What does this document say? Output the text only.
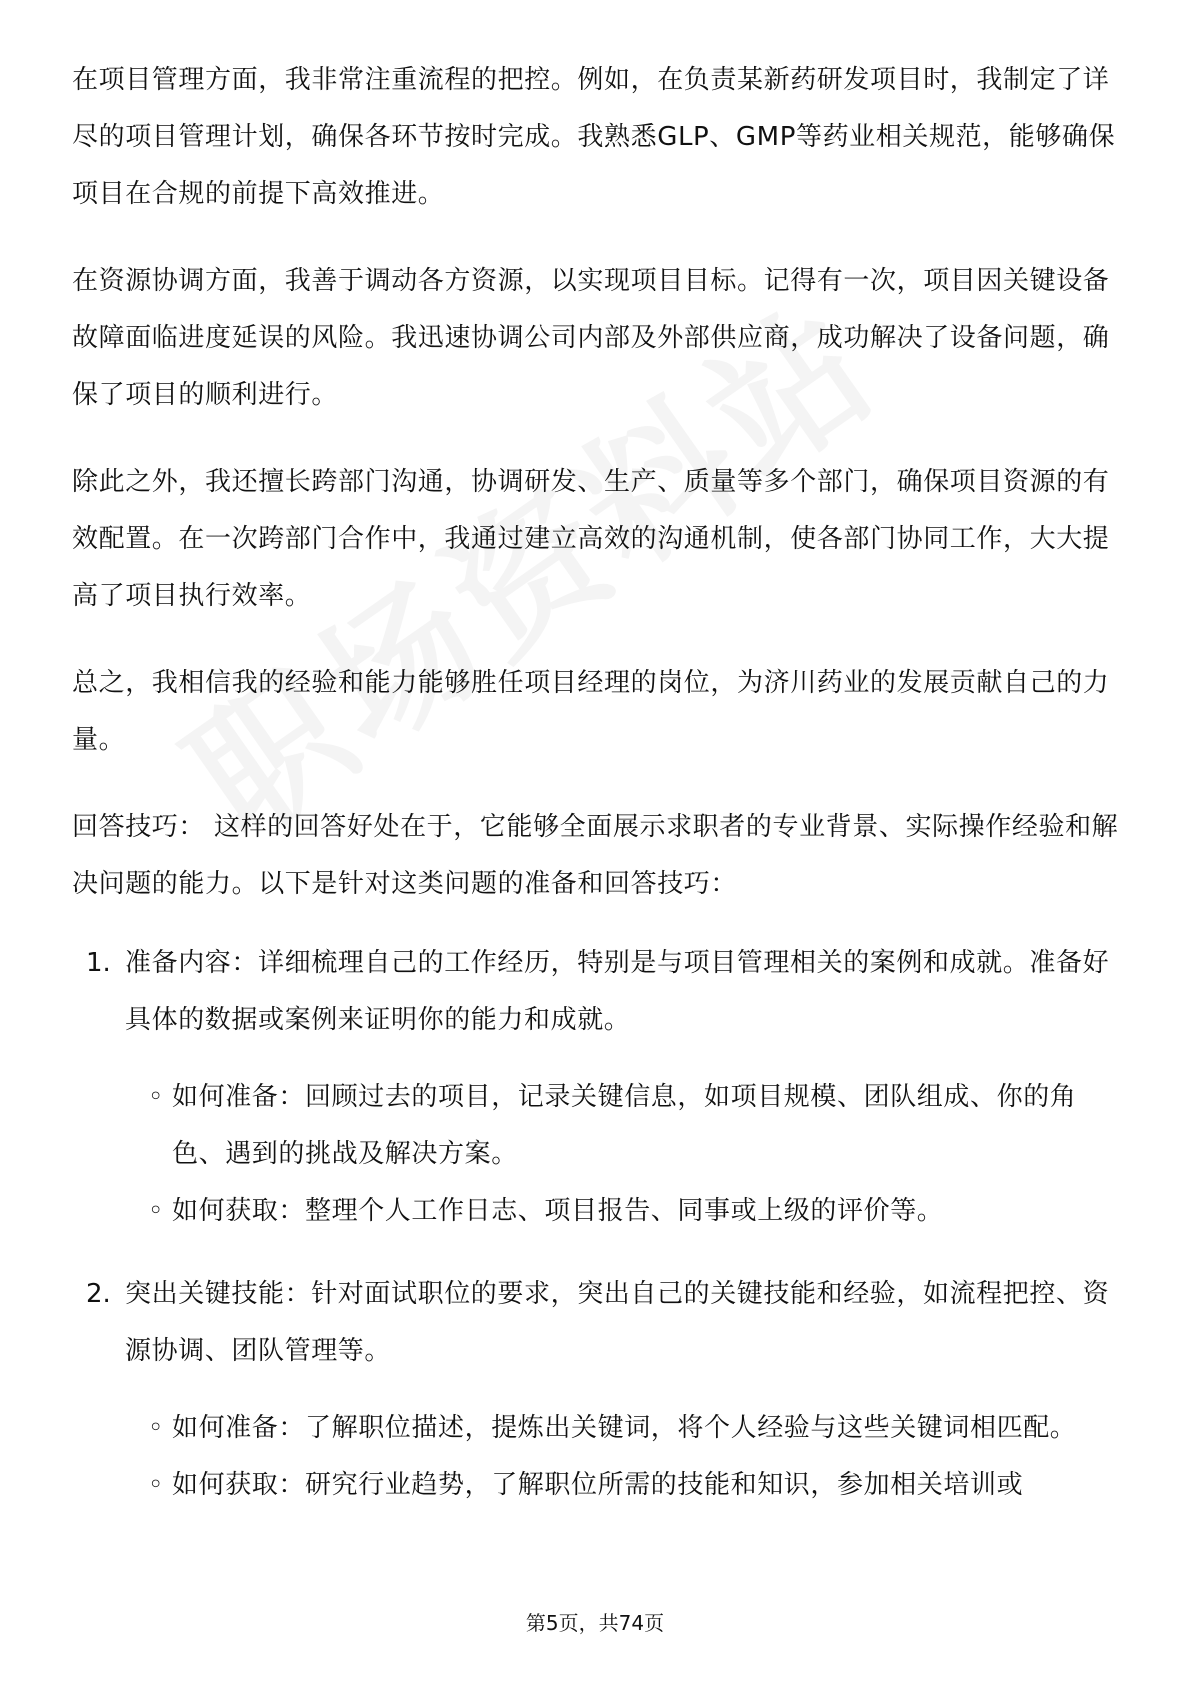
在项目管理方面，我非常注重流程的把控。例如，在负责某新药研发项目时，我制定了详尽的项目管理计划，确保各环节按时完成。我熟悉GLP、GMP等药业相关规范，能够确保项目在合规的前提下高效推进。

在资源协调方面，我善于调动各方资源，以实现项目目标。记得有一次，项目因关键设备故障面临进度延误的风险。我迅速协调公司内部及外部供应商，成功解决了设备问题，确保了项目的顺利进行。

除此之外，我还擅长跨部门沟通，协调研发、生产、质量等多个部门，确保项目资源的有效配置。在一次跨部门合作中，我通过建立高效的沟通机制，使各部门协同工作，大大提高了项目执行效率。

总之，我相信我的经验和能力能够胜任项目经理的岗位，为济川药业的发展贡献自己的力量。

回答技巧： 这样的回答好处在于，它能够全面展示求职者的专业背景、实际操作经验和解决问题的能力。以下是针对这类问题的准备和回答技巧：

1. 准备内容：详细梳理自己的工作经历，特别是与项目管理相关的案例和成就。准备好具体的数据或案例来证明你的能力和成就。
◦ 如何准备：回顾过去的项目，记录关键信息，如项目规模、团队组成、你的角色、遇到的挑战及解决方案。
◦ 如何获取：整理个人工作日志、项目报告、同事或上级的评价等。
2. 突出关键技能：针对面试职位的要求，突出自己的关键技能和经验，如流程把控、资源协调、团队管理等。
◦ 如何准备：了解职位描述，提炼出关键词，将个人经验与这些关键词相匹配。
◦ 如何获取：研究行业趋势，了解职位所需的技能和知识，参加相关培训或
第5页，共74页
